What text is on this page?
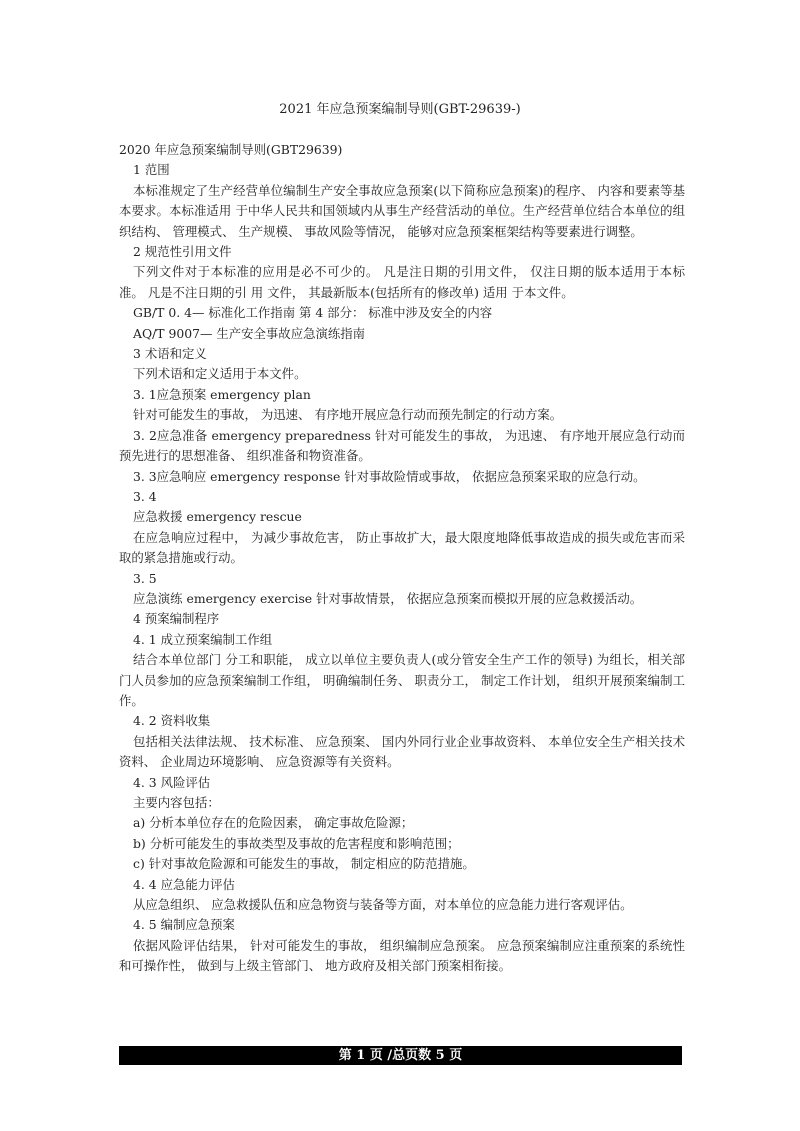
2021 年应急预案编制导则(GBT-29639-)
2020 年应急预案编制导则(GBT29639)
1 范围
本标准规定了生产经营单位编制生产安全事故应急预案(以下简称应急预案)的程序、 内容和要素等基本要求。本标准适用 于中华人民共和国领域内从事生产经营活动的单位。生产经营单位结合本单位的组织结构、 管理模式、 生产规模、 事故风险等情况， 能够对应急预案框架结构等要素进行调整。
2 规范性引用文件
下列文件对于本标准的应用是必不可少的。 凡是注日期的引用文件， 仅注日期的版本适用于本标准。 凡是不注日期的引 用 文件， 其最新版本(包括所有的修改单) 适用 于本文件。
GB/T 0. 4— 标准化工作指南 第 4 部分： 标准中涉及安全的内容
AQ/T 9007— 生产安全事故应急演练指南
3 术语和定义
下列术语和定义适用于本文件。
3. 1应急预案 emergency plan
针对可能发生的事故， 为迅速、 有序地开展应急行动而预先制定的行动方案。
3. 2应急准备 emergency preparedness 针对可能发生的事故， 为迅速、 有序地开展应急行动而预先进行的思想准备、 组织准备和物资准备。
3. 3应急响应 emergency response 针对事故险情或事故， 依据应急预案采取的应急行动。
3. 4
应急救援 emergency rescue
在应急响应过程中， 为减少事故危害， 防止事故扩大，最大限度地降低事故造成的损失或危害而采取的紧急措施或行动。
3. 5
应急演练 emergency exercise 针对事故情景， 依据应急预案而模拟开展的应急救援活动。
4 预案编制程序
4. 1 成立预案编制工作组
结合本单位部门 分工和职能， 成立以单位主要负责人(或分管安全生产工作的领导) 为组长，相关部门人员参加的应急预案编制工作组， 明确编制任务、 职责分工， 制定工作计划， 组织开展预案编制工作。
4. 2 资料收集
包括相关法律法规、 技术标准、 应急预案、 国内外同行业企业事故资料、 本单位安全生产相关技术资料、 企业周边环境影响、 应急资源等有关资料。
4. 3 风险评估
主要内容包括：
a) 分析本单位存在的危险因素， 确定事故危险源；
b) 分析可能发生的事故类型及事故的危害程度和影响范围；
c) 针对事故危险源和可能发生的事故， 制定相应的防范措施。
4. 4 应急能力评估
从应急组织、 应急救援队伍和应急物资与装备等方面，对本单位的应急能力进行客观评估。
4. 5 编制应急预案
依据风险评估结果， 针对可能发生的事故， 组织编制应急预案。 应急预案编制应注重预案的系统性和可操作性， 做到与上级主管部门、 地方政府及相关部门预案相衔接。
第 1 页 /总页数 5 页
